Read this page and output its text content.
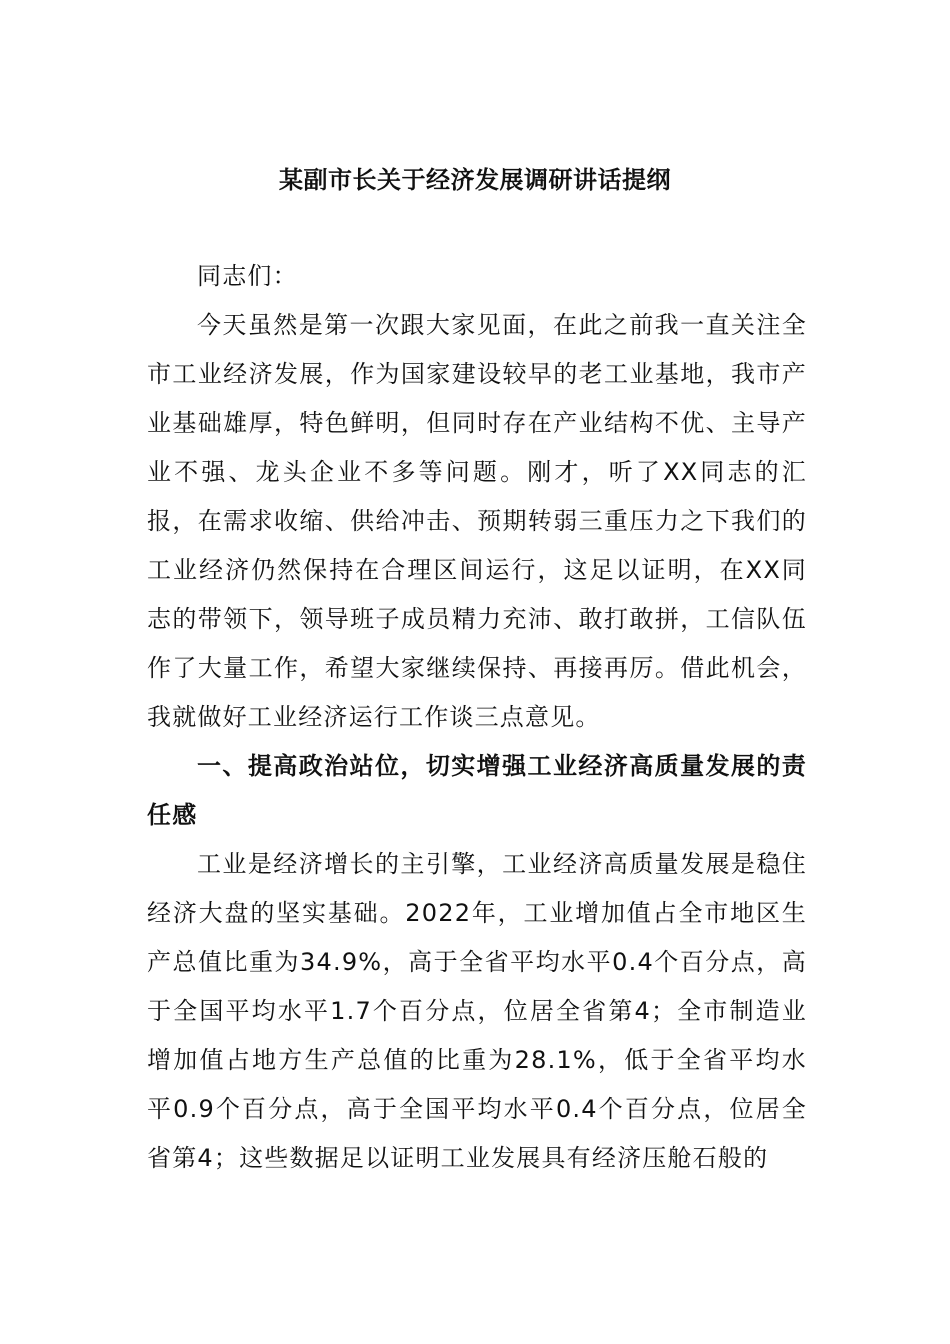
某副市长关于经济发展调研讲话提纲

同志们：

今天虽然是第一次跟大家见面，在此之前我一直关注全市工业经济发展，作为国家建设较早的老工业基地，我市产业基础雄厚，特色鲜明，但同时存在产业结构不优、主导产业不强、龙头企业不多等问题。刚才，听了XX同志的汇报，在需求收缩、供给冲击、预期转弱三重压力之下我们的工业经济仍然保持在合理区间运行，这足以证明，在XX同志的带领下，领导班子成员精力充沛、敢打敢拼，工信队伍作了大量工作，希望大家继续保持、再接再厉。借此机会，我就做好工业经济运行工作谈三点意见。

一、提高政治站位，切实增强工业经济高质量发展的责任感

工业是经济增长的主引擎，工业经济高质量发展是稳住经济大盘的坚实基础。2022年，工业增加值占全市地区生产总值比重为34.9%，高于全省平均水平0.4个百分点，高于全国平均水平1.7个百分点，位居全省第4；全市制造业增加值占地方生产总值的比重为28.1%，低于全省平均水平0.9个百分点，高于全国平均水平0.4个百分点，位居全省第4；这些数据足以证明工业发展具有经济压舱石般的
